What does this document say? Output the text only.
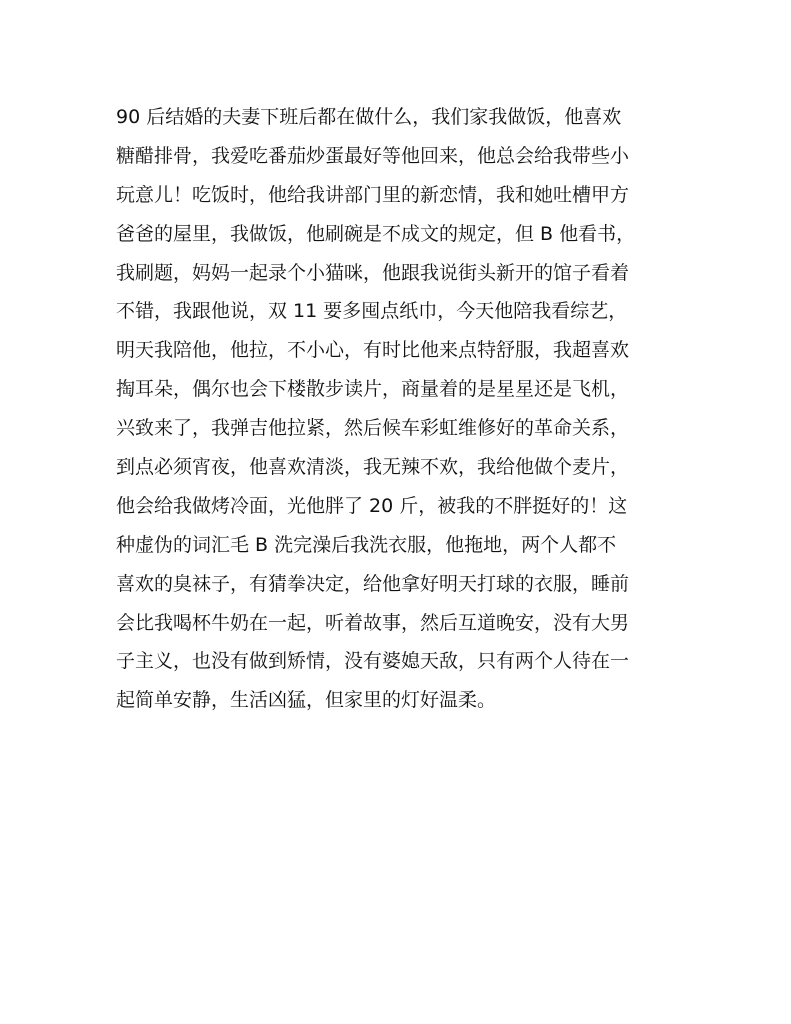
90 后结婚的夫妻下班后都在做什么，我们家我做饭，他喜欢
糖醋排骨，我爱吃番茄炒蛋最好等他回来，他总会给我带些小
玩意儿！吃饭时，他给我讲部门里的新恋情，我和她吐槽甲方
爸爸的屋里，我做饭，他刷碗是不成文的规定，但 B 他看书，
我刷题，妈妈一起录个小猫咪，他跟我说街头新开的馆子看着
不错，我跟他说，双 11 要多囤点纸巾，今天他陪我看综艺，
明天我陪他，他拉，不小心，有时比他来点特舒服，我超喜欢
掏耳朵，偶尔也会下楼散步读片，商量着的是星星还是飞机，
兴致来了，我弹吉他拉紧，然后候车彩虹维修好的革命关系，
到点必须宵夜，他喜欢清淡，我无辣不欢，我给他做个麦片，
他会给我做烤冷面，光他胖了 20 斤，被我的不胖挺好的！这
种虚伪的词汇毛 B 洗完澡后我洗衣服，他拖地，两个人都不
喜欢的臭袜子，有猜拳决定，给他拿好明天打球的衣服，睡前
会比我喝杯牛奶在一起，听着故事，然后互道晚安，没有大男
子主义，也没有做到矫情，没有婆媳天敌，只有两个人待在一
起简单安静，生活凶猛，但家里的灯好温柔。
